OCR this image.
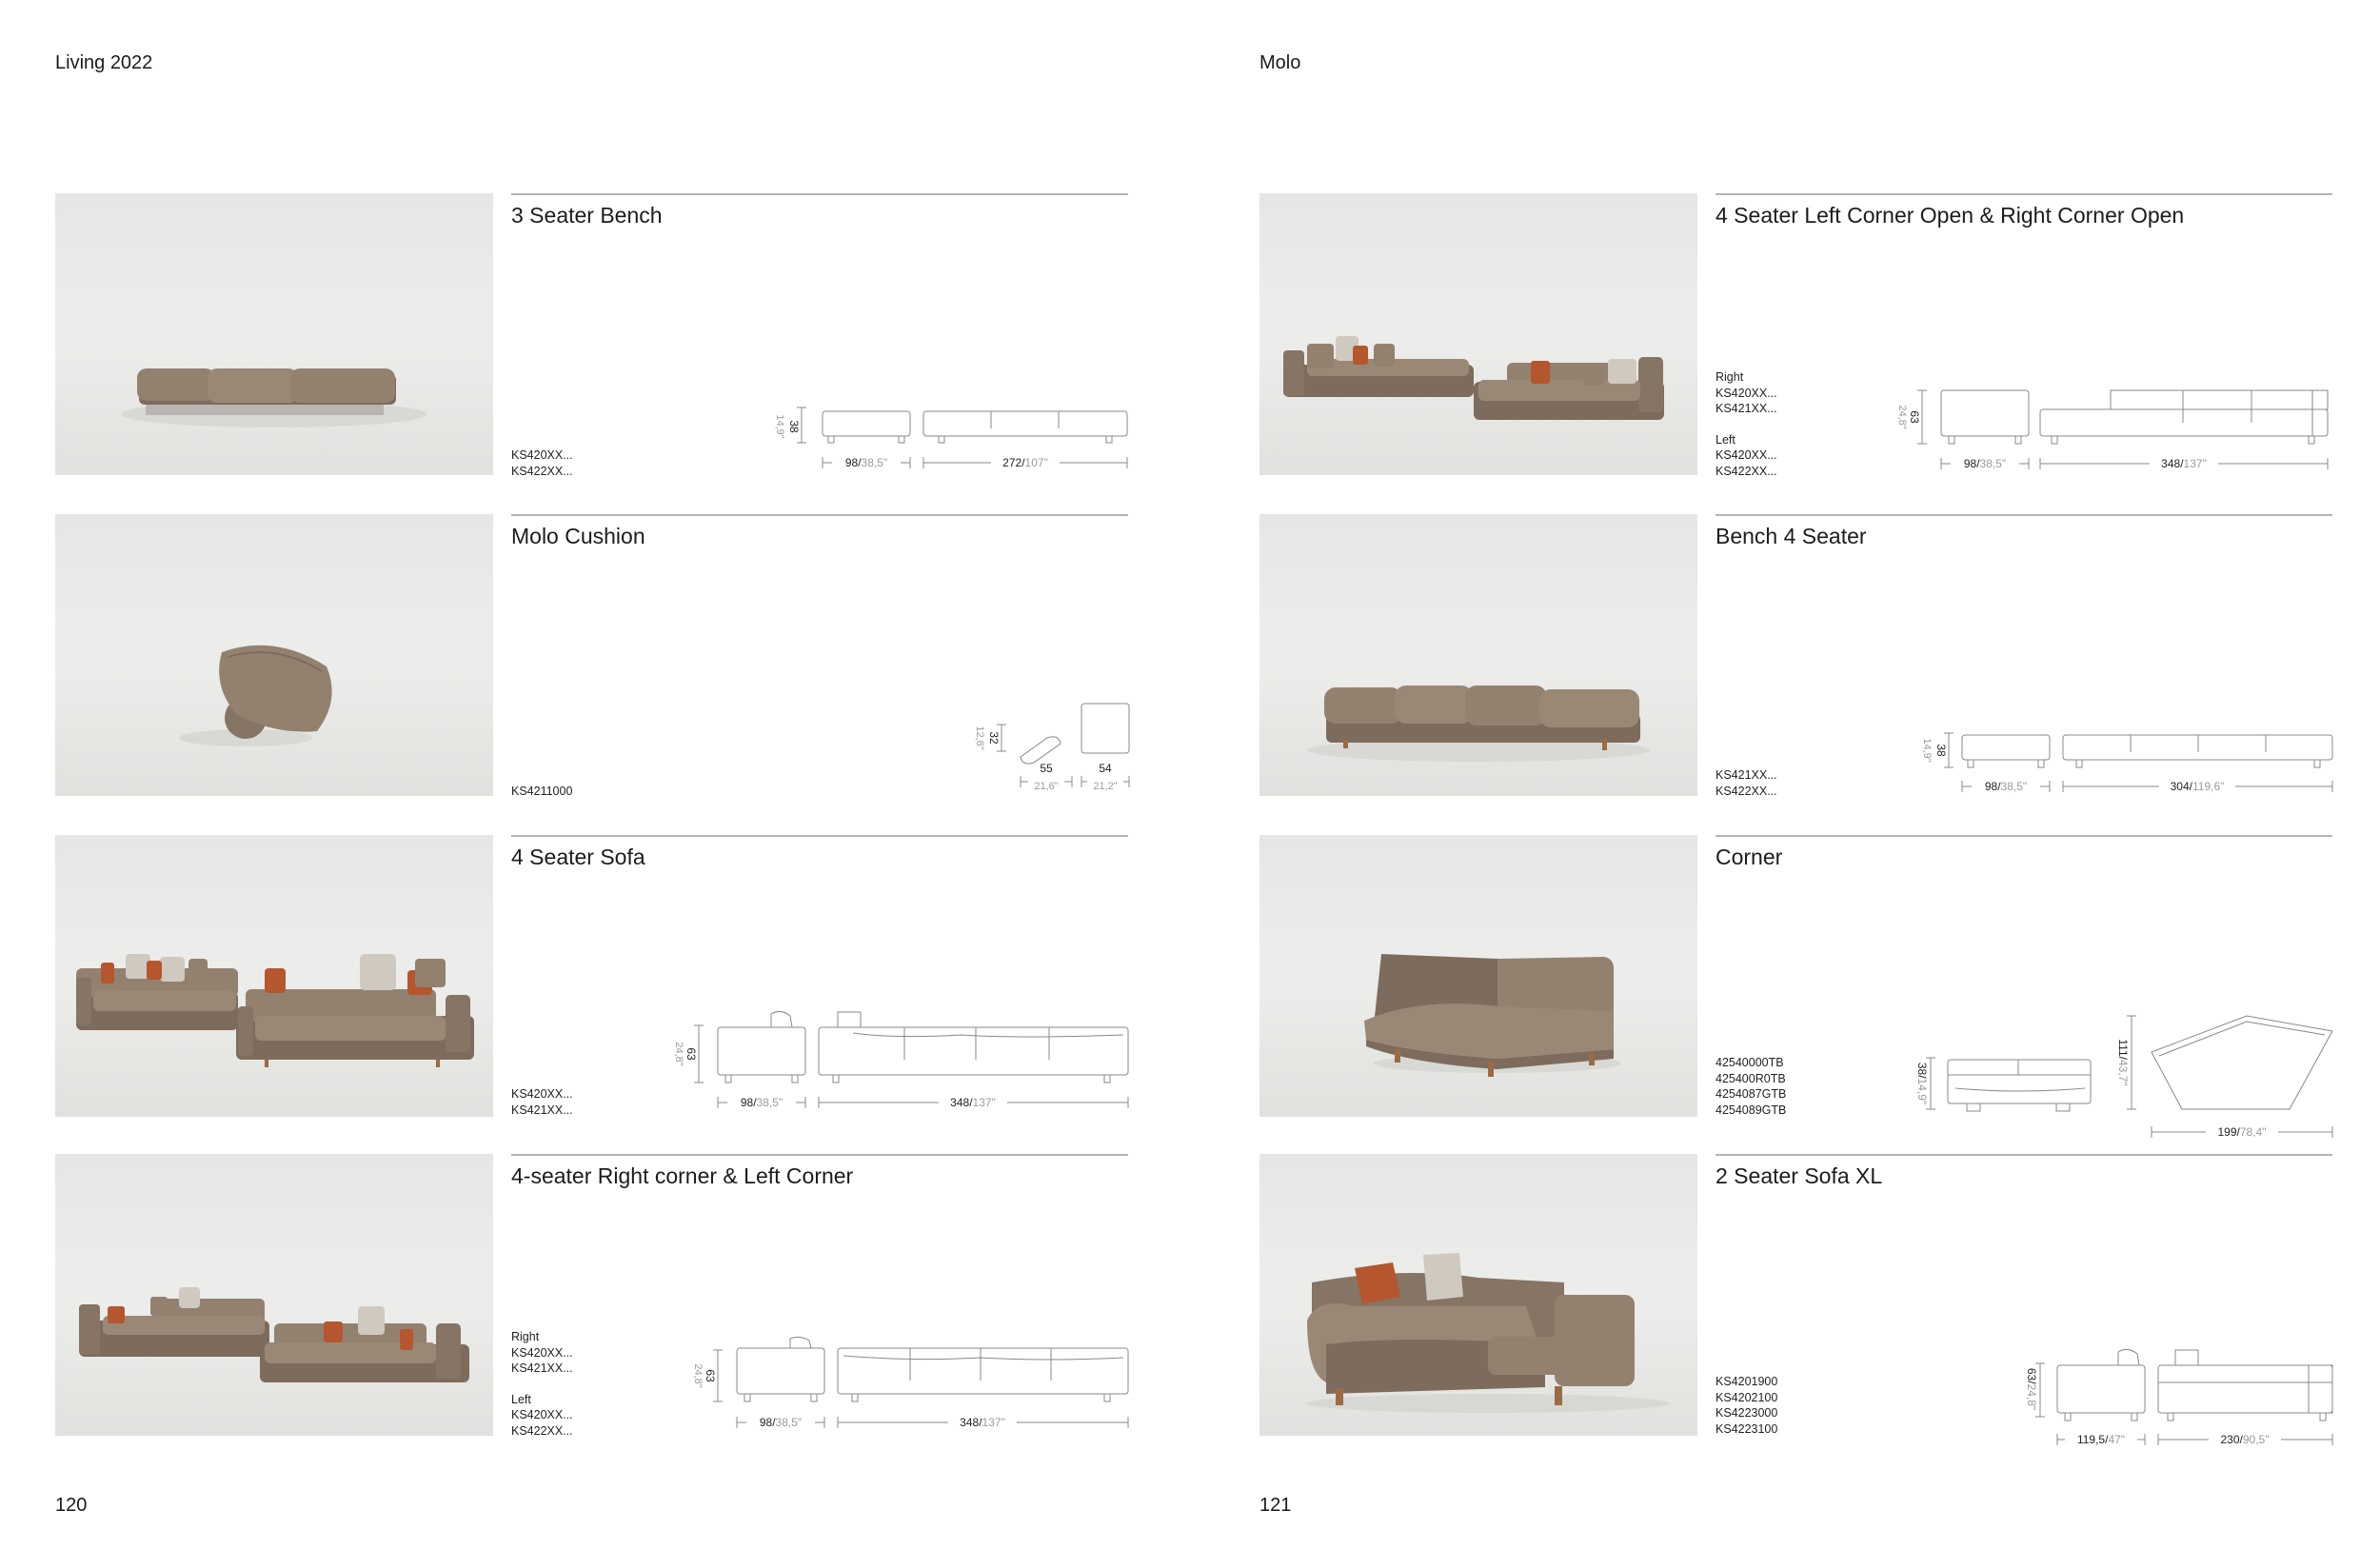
Living 2022	Molo
120	121
3 Seater Bench
KS420XX...
KS422XX...
38
14,9"
98/38,5"	272/107"
Molo Cushion
KS4211000
32
12,6"
55
21,6"
54
21,2"
4 Seater Sofa
KS420XX...
KS421XX...
63
24,8"
98/38,5"	348/137"
4-seater Right corner & Left Corner
Right
KS420XX...
KS421XX...
Left
KS420XX...
KS422XX...
63
24,8"
98/38,5"	348/137"
4 Seater Left Corner Open & Right Corner Open
Right
KS420XX...
KS421XX...
Left
KS420XX...
KS422XX...
63
24,8"
98/38,5"	348/137"
Bench 4 Seater
KS421XX...
KS422XX...
38
14,9"
98/38,5"	304/119,6"
Corner
42540000TB
425400R0TB
4254087GTB
4254089GTB
38/14,9"
111/43,7"
199/78,4"
2 Seater Sofa XL
KS4201900
KS4202100
KS4223000
KS4223100
63/24,8"
119,5/47"	230/90,5"
